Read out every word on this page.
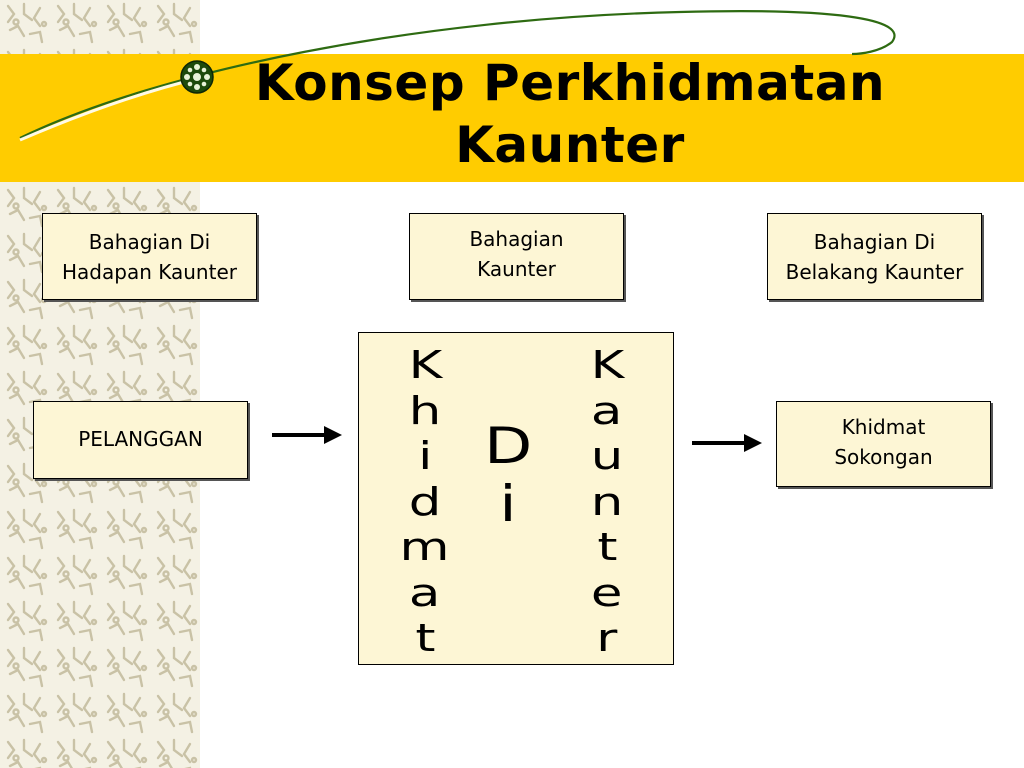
Konsep Perkhidmatan
Kaunter
Bahagian Di
Hadapan Kaunter
Bahagian
Kaunter
Bahagian Di
Belakang Kaunter
PELANGGAN
K
h
i
d
m
a
t
D
i
K
a
u
n
t
e
r
Khidmat
Sokongan
